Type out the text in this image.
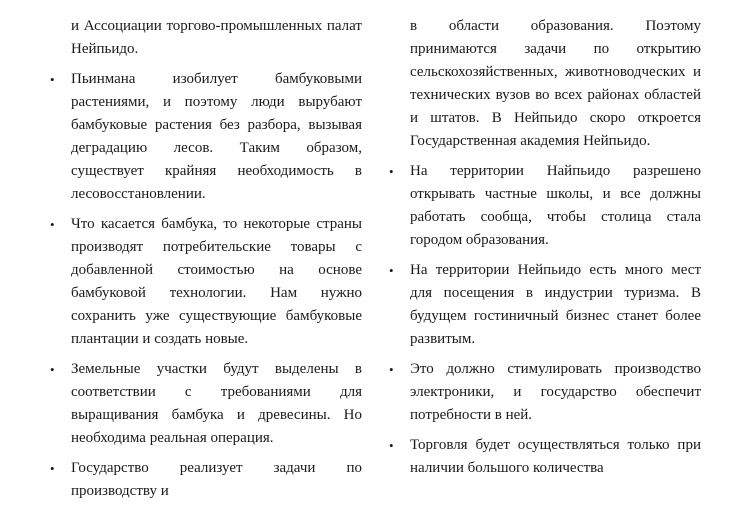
и Ассоциации торгово-промышленных палат Нейпьидо.

• Пьинмана изобилует бамбуковыми растениями, и поэтому люди вырубают бамбуковые растения без разбора, вызывая деградацию лесов. Таким образом, существует крайняя необходимость в лесовосстановлении.

• Что касается бамбука, то некоторые страны производят потребительские товары с добавленной стоимостью на основе бамбуковой технологии. Нам нужно сохранить уже существующие бамбуковые плантации и создать новые.

• Земельные участки будут выделены в соответствии с требованиями для выращивания бамбука и древесины. Но необходима реальная операция.

• Государство реализует задачи по производству и

в области образования. Поэтому принимаются задачи по открытию сельскохозяйственных, животноводческих и технических вузов во всех районах областей и штатов. В Нейпьидо скоро откроется Государственная академия Нейпьидо.

• На территории Найпьидо разрешено открывать частные школы, и все должны работать сообща, чтобы столица стала городом образования.

• На территории Нейпьидо есть много мест для посещения в индустрии туризма. В будущем гостиничный бизнес станет более развитым.

• Это должно стимулировать производство электроники, и государство обеспечит потребности в ней.

• Торговля будет осуществляться только при наличии большого количества
